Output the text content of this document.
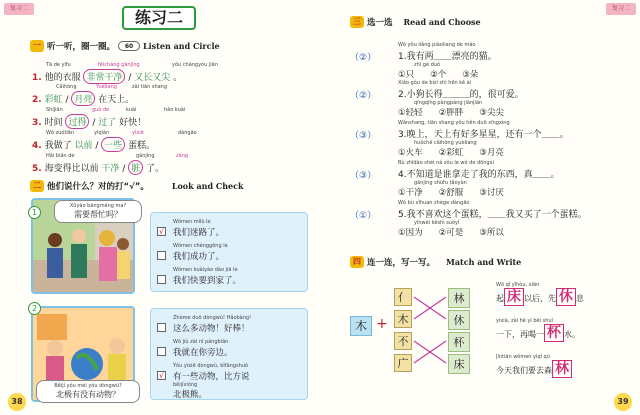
复习二	练习二
一 听一听，圈一圈。	60	Listen and Circle
Tā de yīfu	fēicháng gānjìng	yǒu chángyòu jiān
1. 他的衣服 非常干净 / 又长又尖 。
Cǎihóng	Yuèliang	zài tiān shang
2. 彩虹 / 月亮 在天上。
Shíjiān	guò de	kuài	hǎo kuài
3. 时间 过得 / 过了 好快！
Wǒ zuótiān	yǐqián	yìxiē	dàngāo
4. 我做了 以前 / 一些 蛋糕。
Hǎi biān de	gānjìng	zāng
5. 海变得比以前 干净 / 脏 了。
二 他们说什么？对的打“√”。	Look and Check
1
Xūyào bāngmáng ma?
需要帮忙吗？
√
Wǒmen mílù le
我们迷路了。
Wǒmen chénggōng le
我们成功了。
Wǒmen kuàiyào dào jiā le
我们快要到家了。
2
Běijí yǒu méi yǒu dòngwù?
北极有没有动物？
Zhème duō dòngwù! Hǎobàng!
这么多动物！好棒！
Wǒ jiù zài nǐ pángbiān
我就在你旁边。
√
Yǒu yìxiē dòngwù, bǐfāngshuō
有一些动物，比方说
běijíxióng
北极熊。
38
复习二
三 选一选 Read and Choose
（②）
Wǒ yǒu liǎng piàoliang de máo
1.我有两＿＿漂亮的猫。
zhī gè duǒ
①只 ②个 ③朵
（②）
Xiǎo gǒu de bízi shì hěn kě ài
2.小狗长得＿＿＿的，很可爱。
qīngqīng pàngpàng jiānjiān
①轻轻 ②胖胖 ③尖尖
（③）
Wǎnshang, tiān shang yǒu hěn duō xīngxing
3.晚上，天上有好多星星，还有一个＿＿。
huǒchē cǎihóng yuèliang
①火车 ②彩虹 ③月亮
（③）
Bù zhīdào shéi ná zǒu le wǒ de dōngxi
4.不知道是谁拿走了我的东西，真＿＿。
gānjìng shūfu tǎoyàn
①干净 ②舒服 ③讨厌
（①）
Wǒ bù xǐhuan zhège dàngāo
5.我不喜欢这个蛋糕，＿＿我又买了一个蛋糕。
yīnwèi kěshì suǒyǐ
①因为 ②可是 ③所以
四 连一连，写一写。 Match and Write
木 +
亻
木
不
广
林
休
杯
床
Wǒ qǐ yǐhòu, xiān
起 床 以后，先 休 息
yíxià, zài hē yì bēi shuǐ
一下，再喝一 杯 水。
Jīntiān wǒmen yìqǐ qù
今天我们要去森 林
39
